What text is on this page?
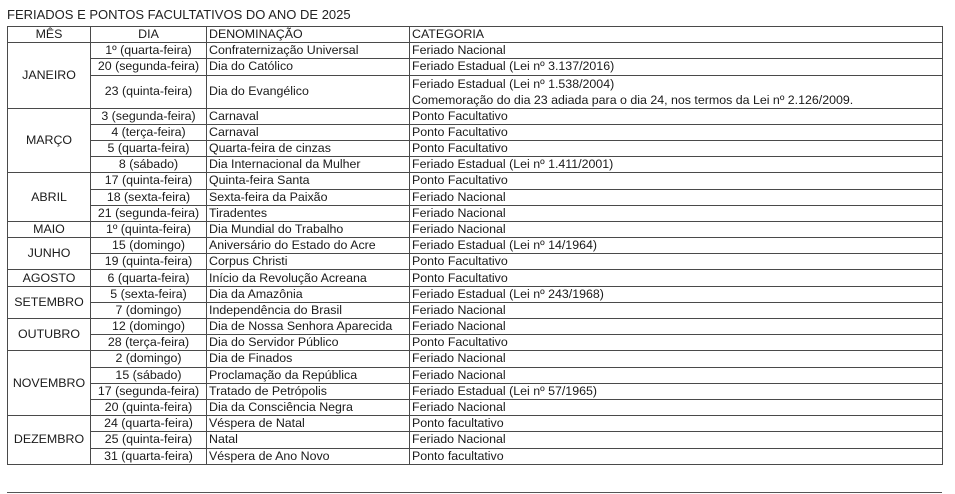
FERIADOS E PONTOS FACULTATIVOS DO ANO DE 2025
MÊS	DIA	DENOMINAÇÃO	CATEGORIA
JANEIRO	1º (quarta-feira)	Confraternização Universal	Feriado Nacional

	20 (segunda-feira)	Dia do Católico	Feriado Estadual (Lei nº 3.137/2016)

	23 (quinta-feira)	Dia do Evangélico	Feriado Estadual (Lei nº 1.538/2004)
Comemoração do dia 23 adiada para o dia 24, nos termos da Lei nº 2.126/2009.

MARÇO	3 (segunda-feira)	Carnaval	Ponto Facultativo

	4 (terça-feira)	Carnaval	Ponto Facultativo

	5 (quarta-feira)	Quarta-feira de cinzas	Ponto Facultativo

	8 (sábado)	Dia Internacional da Mulher	Feriado Estadual (Lei nº 1.411/2001)

ABRIL	17 (quinta-feira)	Quinta-feira Santa	Ponto Facultativo

	18 (sexta-feira)	Sexta-feira da Paixão	Feriado Nacional

	21 (segunda-feira)	Tiradentes	Feriado Nacional

MAIO	1º (quinta-feira)	Dia Mundial do Trabalho	Feriado Nacional

JUNHO	15 (domingo)	Aniversário do Estado do Acre	Feriado Estadual (Lei nº 14/1964)

	19 (quinta-feira)	Corpus Christi	Ponto Facultativo

AGOSTO	6 (quarta-feira)	Início da Revolução Acreana	Ponto Facultativo

SETEMBRO	5 (sexta-feira)	Dia da Amazônia	Feriado Estadual (Lei nº 243/1968)

	7 (domingo)	Independência do Brasil	Feriado Nacional

OUTUBRO	12 (domingo)	Dia de Nossa Senhora Aparecida	Feriado Nacional

	28 (terça-feira)	Dia do Servidor Público	Ponto Facultativo

NOVEMBRO	2 (domingo)	Dia de Finados	Feriado Nacional

	15 (sábado)	Proclamação da República	Feriado Nacional

	17 (segunda-feira)	Tratado de Petrópolis	Feriado Estadual (Lei nº 57/1965)

	20 (quinta-feira)	Dia da Consciência Negra	Feriado Nacional

DEZEMBRO	24 (quarta-feira)	Véspera de Natal	Ponto facultativo

	25 (quinta-feira)	Natal	Feriado Nacional

	31 (quarta-feira)	Véspera de Ano Novo	Ponto facultativo
